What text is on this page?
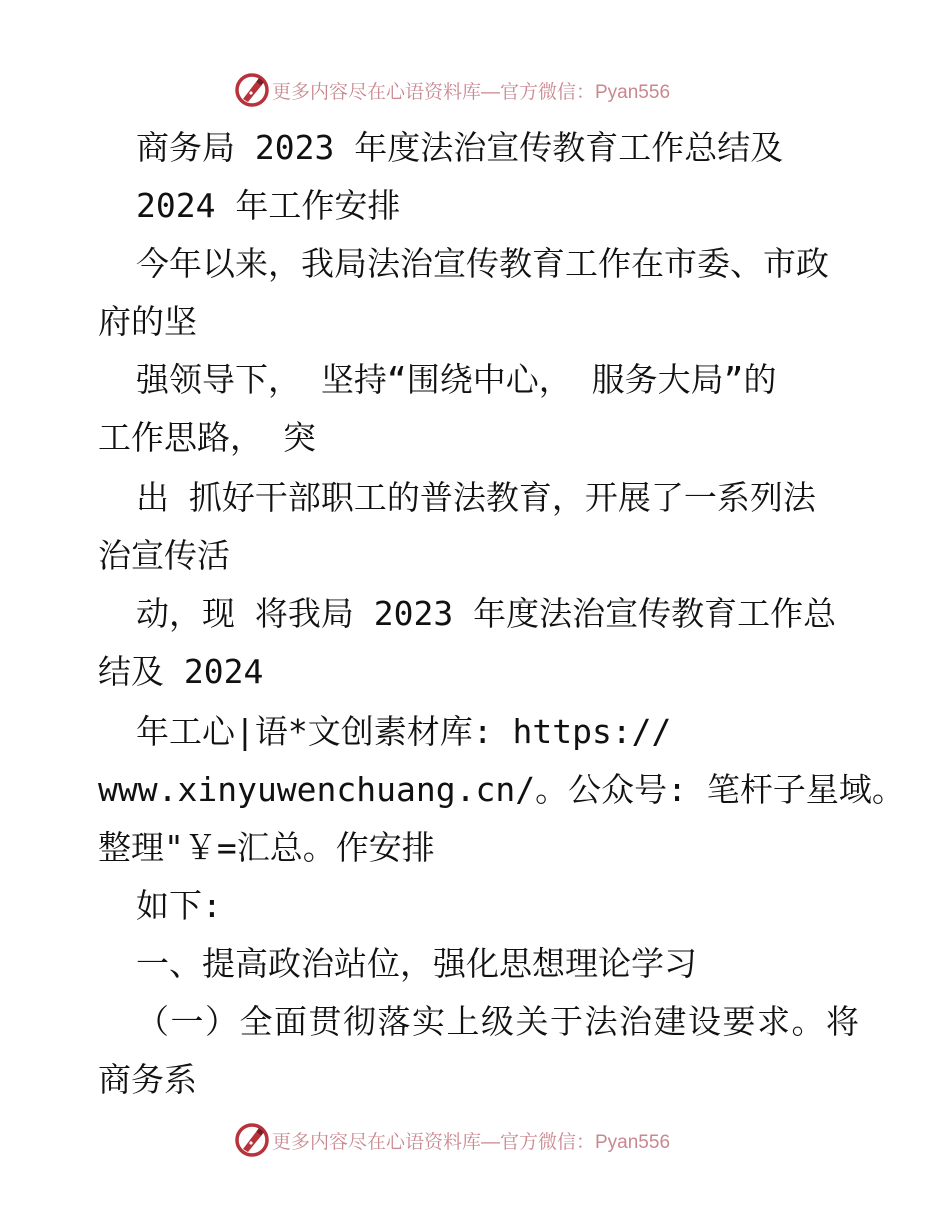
更多内容尽在心语资料库—官方微信：Pyan556
商务局 2023 年度法治宣传教育工作总结及
2024 年工作安排
今年以来，我局法治宣传教育工作在市委、市政
府的坚
强领导下， 坚持“围绕中心， 服务大局”的
工作思路， 突
出 抓好干部职工的普法教育，开展了一系列法
治宣传活
动，现 将我局 2023 年度法治宣传教育工作总
结及 2024
年工心|语*文创素材库: https://
www.xinyuwenchuang.cn/。公众号: 笔杆子星域。
整理"￥=汇总。作安排
如下:
一、提高政治站位，强化思想理论学习
（一）全面贯彻落实上级关于法治建设要求。将
商务系
更多内容尽在心语资料库—官方微信：Pyan556
